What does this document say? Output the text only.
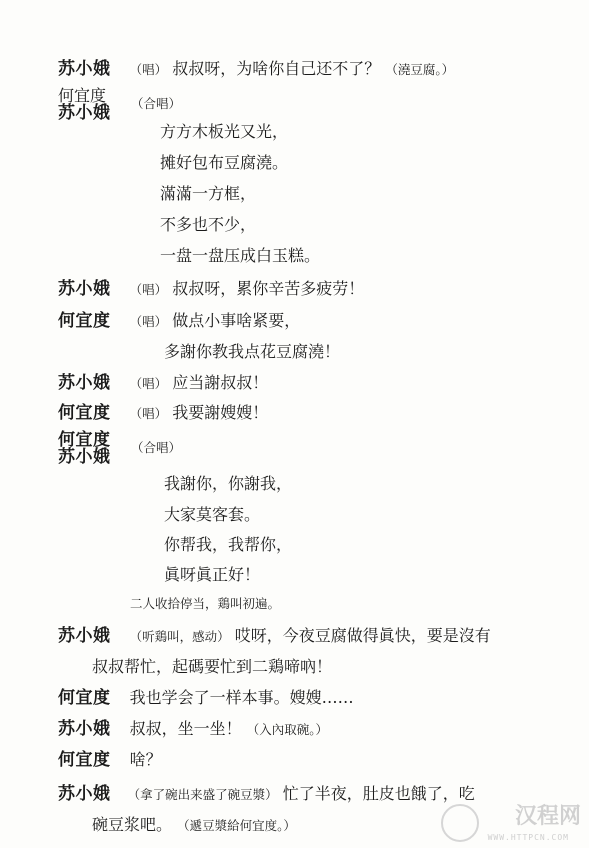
苏小娥 （唱） 叔叔呀，为啥你自己还不了？ （澆豆腐。）
何宜度
苏小娥 （合唱）
方方木板光又光，
摊好包布豆腐澆。
滿滿一方框，
不多也不少，
一盘一盘压成白玉糕。
苏小娥 （唱） 叔叔呀，累你辛苦多疲劳！
何宜度 （唱） 做点小事啥紧要，
多謝你教我点花豆腐澆！
苏小娥 （唱） 应当謝叔叔！
何宜度 （唱） 我要謝嫂嫂！
何宜度
苏小娥 （合唱）
我謝你，你謝我，
大家莫客套。
你帮我，我帮你，
眞呀眞正好！
二人收拾停当，鶏叫初遍。
苏小娥 （听鶏叫，感动） 哎呀，今夜豆腐做得眞快，要是沒有
叔叔帮忙，起碼要忙到二鶏啼吶！
何宜度 我也学会了一样本事。嫂嫂……
苏小娥 叔叔，坐一坐！ （入內取碗。）
何宜度 啥？
苏小娥 （拿了碗出来盛了碗豆漿） 忙了半夜，肚皮也餓了，吃
碗豆浆吧。 （遞豆漿給何宜度。）	汉程网
WWW.HTTPCN.COM
